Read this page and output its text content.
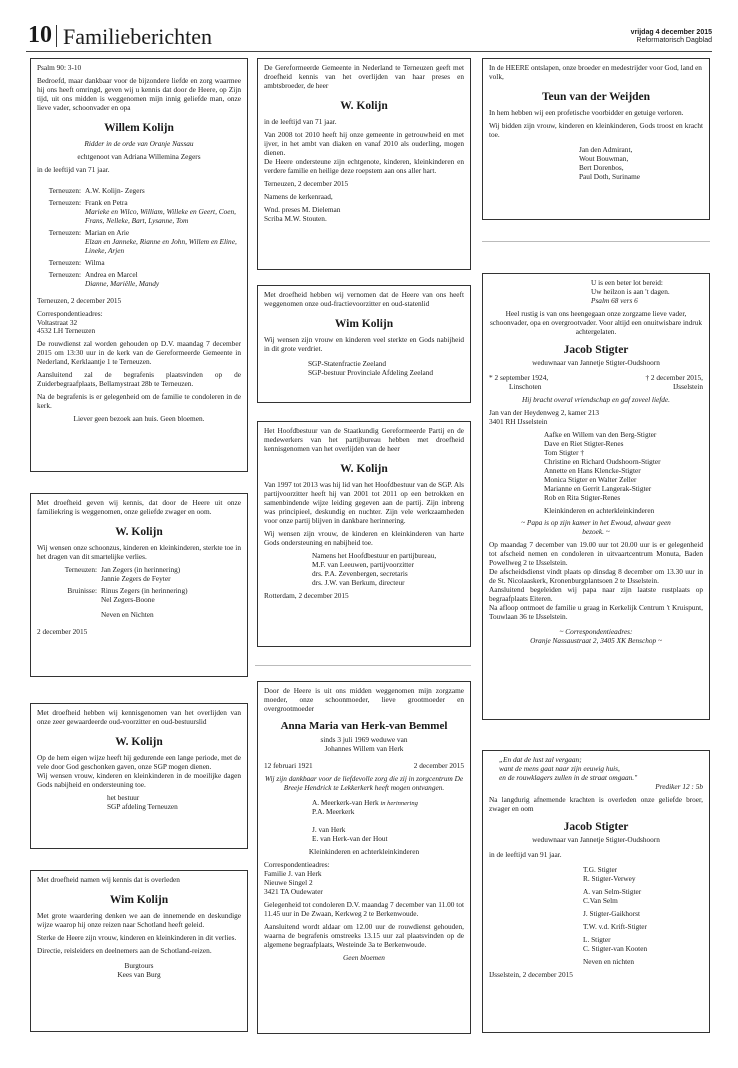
10 Familieberichten	vrijdag 4 december 2015
Reformatorisch Dagblad

Psalm 90: 3-10

Bedroefd, maar dankbaar voor de bijzondere liefde en zorg waarmee hij ons heeft omringd, geven wij u kennis dat door de Heere, op Zijn tijd, uit ons midden is weggenomen mijn innig geliefde man, onze lieve vader, schoonvader en opa

Willem Kolijn

Ridder in de orde van Oranje Nassau

echtgenoot van Adriana Willemina Zegers

in de leeftijd van 71 jaar.

Terneuzen: A.W. Kolijn- Zegers
Terneuzen: Frank en Petra
Marieke en Wilco, William, Willeke en Geert, Coen, Frans, Nelleke, Bart, Lysanne, Tom
Terneuzen: Marian en Arie
Elzan en Janneke, Rianne en John, Willem en Eline, Lineke, Arjen
Terneuzen: Wilma
Terneuzen: Andrea en Marcel
Dianne, Mariëlle, Mandy

Terneuzen, 2 december 2015

Correspondentieadres:
Voltastraat 32
4532 LH Terneuzen

De rouwdienst zal worden gehouden op D.V. maandag 7 december 2015 om 13:30 uur in de kerk van de Gereformeerde Gemeente in Nederland, Kerklaantje 1 te Terneuzen.

Aansluitend zal de begrafenis plaatsvinden op de Zuiderbegraafplaats, Bellamystraat 28b te Terneuzen.

Na de begrafenis is er gelegenheid om de familie te condoleren in de kerk.

Liever geen bezoek aan huis. Geen bloemen.

Met droefheid geven wij kennis, dat door de Heere uit onze familiekring is weggenomen, onze geliefde zwager en oom.

W. Kolijn

Wij wensen onze schoonzus, kinderen en kleinkinderen, sterkte toe in het dragen van dit smartelijke verlies.

Terneuzen: Jan Zegers (in herinnering)
Jannie Zegers de Feyter
Bruinisse: Rinus Zegers (in herinnering)
Nel Zegers-Boone

Neven en Nichten

2 december 2015

Met droefheid hebben wij kennisgenomen van het overlijden van onze zeer gewaardeerde oud-voorzitter en oud-bestuurslid

W. Kolijn

Op de hem eigen wijze heeft hij gedurende een lange periode, met de vele door God geschonken gaven, onze SGP mogen dienen.

Wij wensen vrouw, kinderen en kleinkinderen in de moeilijke dagen Gods nabijheid en ondersteuning toe.

het bestuur
SGP afdeling Terneuzen

Met droefheid namen wij kennis dat is overleden

Wim Kolijn

Met grote waardering denken we aan de innemende en deskundige wijze waarop hij onze reizen naar Schotland heeft geleid.

Sterke de Heere zijn vrouw, kinderen en kleinkinderen in dit verlies.

Directie, reisleiders en deelnemers aan de Schotland-reizen.

Burgtours
Kees van Burg

De Gereformeerde Gemeente in Nederland te Terneuzen geeft met droefheid kennis van het overlijden van haar preses en ambtsbroeder, de heer

W. Kolijn

in de leeftijd van 71 jaar.

Van 2008 tot 2010 heeft hij onze gemeente in getrouwheid en met ijver, in het ambt van diaken en vanaf 2010 als ouderling, mogen dienen.

De Heere ondersteune zijn echtgenote, kinderen, kleinkinderen en verdere familie en heilige deze roepstem aan ons aller hart.

Terneuzen, 2 december 2015

Namens de kerkenraad,

Wnd. preses M. Dieleman
Scriba M.W. Stouten.

Met droefheid hebben wij vernomen dat de Heere van ons heeft weggenomen onze oud-fractievoorzitter en oud-statenlid

Wim Kolijn

Wij wensen zijn vrouw en kinderen veel sterkte en Gods nabijheid in dit grote verdriet.

SGP-Statenfractie Zeeland
SGP-bestuur Provinciale Afdeling Zeeland

Het Hoofdbestuur van de Staatkundig Gereformeerde Partij en de medewerkers van het partijbureau hebben met droefheid kennisgenomen van het overlijden van de heer

W. Kolijn

Van 1997 tot 2013 was hij lid van het Hoofdbestuur van de SGP. Als partijvoorzitter heeft hij van 2001 tot 2011 op een betrokken en samenbindende wijze leiding gegeven aan de partij. Zijn inbreng was principieel, deskundig en nuchter. Zijn vele werkzaamheden voor onze partij blijven in dankbare herinnering.

Wij wensen zijn vrouw, de kinderen en kleinkinderen van harte Gods ondersteuning en nabijheid toe.

Namens het Hoofdbestuur en partijbureau,
M.F. van Leeuwen, partijvoorzitter
drs. P.A. Zevenbergen, secretaris
drs. J.W. van Berkum, directeur

Rotterdam, 2 december 2015

Door de Heere is uit ons midden weggenomen mijn zorgzame moeder, onze schoonmoeder, lieve grootmoeder en overgrootmoeder

Anna Maria van Herk-van Bemmel

sinds 3 juli 1969 weduwe van

Johannes Willem van Herk

12 februari 1921	2 december 2015

Wij zijn dankbaar voor de liefdevolle zorg die zij in zorgcentrum De Breeje Hendrick te Lekkerkerk heeft mogen ontvangen.

A. Meerkerk-van Herk in herinnering
P.A. Meerkerk

J. van Herk
E. van Herk-van der Hout

Kleinkinderen en achterkleinkinderen

Correspondentieadres:
Familie J. van Herk
Nieuwe Singel 2
3421 TA Oudewater

Gelegenheid tot condoleren D.V. maandag 7 december van 11.00 tot 11.45 uur in De Zwaan, Kerkweg 2 te Berkenwoude.

Aansluitend wordt aldaar om 12.00 uur de rouwdienst gehouden, waarna de begrafenis omstreeks 13.15 uur zal plaatsvinden op de algemene begraafplaats, Westeinde 3a te Berkenwoude.

Geen bloemen

In de HEERE ontslapen, onze broeder en medestrijder voor God, land en volk,

Teun van der Weijden

In hem hebben wij een profetische voorbidder en getuige verloren.

Wij bidden zijn vrouw, kinderen en kleinkinderen, Gods troost en kracht toe.

Jan den Admirant,
Wout Bouwman,
Bert Dorenbos,
Paul Doth, Suriname

U is een beter lot bereid:
Uw heilzon is aan 't dagen.
Psalm 68 vers 6

Heel rustig is van ons heengegaan onze zorgzame lieve vader, schoonvader, opa en overgrootvader. Voor altijd een onuitwisbare indruk achtergelaten.

Jacob Stigter

weduwnaar van Jannetje Stigter-Oudshoorn

* 2 september 1924,	† 2 december 2015,
Linschoten	IJsselstein

Hij bracht overal vriendschap en gaf zoveel liefde.

Jan van der Heydenweg 2, kamer 213
3401 RH IJsselstein

Aafke en Willem van den Berg-Stigter
Dave en Riet Stigter-Renes
Tom Stigter †
Christine en Richard Oudshoorn-Stigter
Annette en Hans Klencke-Stigter
Monica Stigter en Walter Zeller
Marianne en Gerrit Langerak-Stigter
Rob en Rita Stigter-Renes

Kleinkinderen en achterkleinkinderen

~ Papa is op zijn kamer in het Ewoud, alwaar geen bezoek. ~

Op maandag 7 december van 19.00 uur tot 20.00 uur is er gelegenheid tot afscheid nemen en condoleren in uitvaartcentrum Monuta, Baden Powellweg 2 te IJsselstein.

De afscheidsdienst vindt plaats op dinsdag 8 december om 13.30 uur in de St. Nicolaaskerk, Kronenburgplantsoen 2 te IJsselstein.

Aansluitend begeleiden wij papa naar zijn laatste rustplaats op begraafplaats Eiteren.

Na afloop ontmoet de familie u graag in Kerkelijk Centrum 't Kruispunt, Touwlaan 36 te IJsselstein.

~ Correspondentieadres:
Oranje Nassaustraat 2, 3405 XK Benschop ~

„En dat de lust zal vergaan;
want de mens gaat naar zijn eeuwig huis,
en de rouwklagers zullen in de straat omgaan."

Prediker 12 : 5b

Na langdurig afnemende krachten is overleden onze geliefde broer, zwager en oom

Jacob Stigter

weduwnaar van Jannetje Stigter-Oudshoorn

in de leeftijd van 91 jaar.

T.G. Stigter
R. Stigter-Verwey

A. van Selm-Stigter
C.Van Selm

J. Stigter-Gaikhorst

T.W. v.d. Krift-Stigter

L. Stigter
C. Stigter-van Kooten

Neven en nichten

IJsselstein, 2 december 2015
